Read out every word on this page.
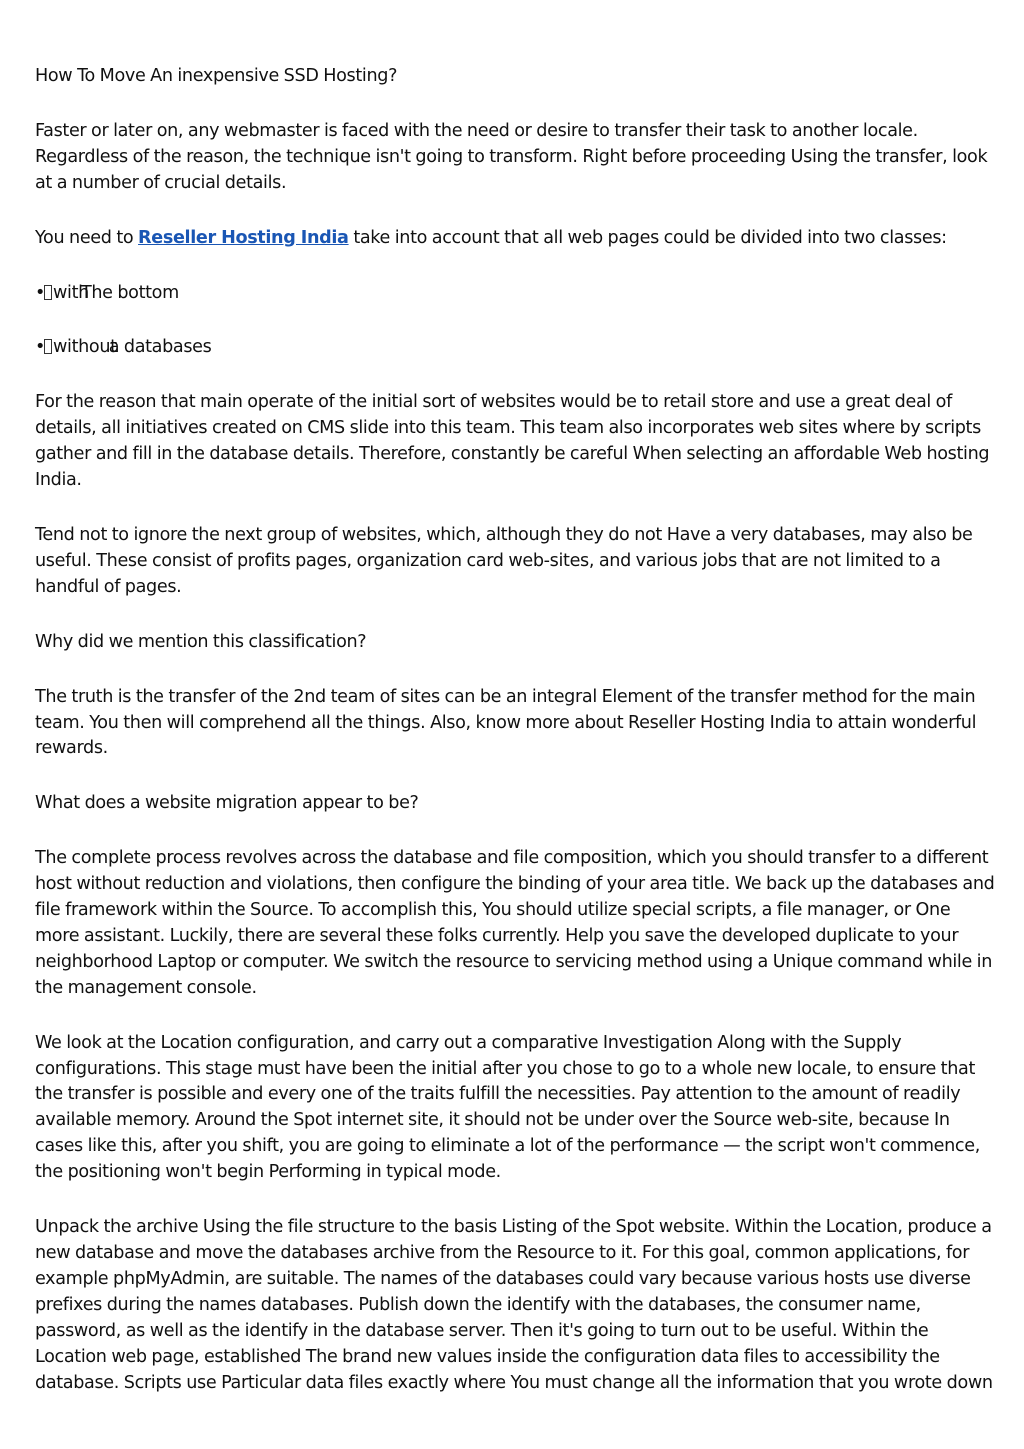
How To Move An inexpensive SSD Hosting?

Faster or later on, any webmaster is faced with the need or desire to transfer their task to another locale. Regardless of the reason, the technique isn't going to transform. Right before proceeding Using the transfer, look at a number of crucial details.

You need to Reseller Hosting India take into account that all web pages could be divided into two classes:

• withThe bottom

• withouta databases

For the reason that main operate of the initial sort of websites would be to retail store and use a great deal of details, all initiatives created on CMS slide into this team. This team also incorporates web sites where by scripts gather and fill in the database details. Therefore, constantly be careful When selecting an affordable Web hosting India.

Tend not to ignore the next group of websites, which, although they do not Have a very databases, may also be useful. These consist of profits pages, organization card web-sites, and various jobs that are not limited to a handful of pages.

Why did we mention this classification?

The truth is the transfer of the 2nd team of sites can be an integral Element of the transfer method for the main team. You then will comprehend all the things. Also, know more about Reseller Hosting India to attain wonderful rewards.

What does a website migration appear to be?

The complete process revolves across the database and file composition, which you should transfer to a different host without reduction and violations, then configure the binding of your area title. We back up the databases and file framework within the Source. To accomplish this, You should utilize special scripts, a file manager, or One more assistant. Luckily, there are several these folks currently. Help you save the developed duplicate to your neighborhood Laptop or computer. We switch the resource to servicing method using a Unique command while in the management console.

We look at the Location configuration, and carry out a comparative Investigation Along with the Supply configurations. This stage must have been the initial after you chose to go to a whole new locale, to ensure that the transfer is possible and every one of the traits fulfill the necessities. Pay attention to the amount of readily available memory. Around the Spot internet site, it should not be under over the Source web-site, because In cases like this, after you shift, you are going to eliminate a lot of the performance — the script won't commence, the positioning won't begin Performing in typical mode.

Unpack the archive Using the file structure to the basis Listing of the Spot website. Within the Location, produce a new database and move the databases archive from the Resource to it. For this goal, common applications, for example phpMyAdmin, are suitable. The names of the databases could vary because various hosts use diverse prefixes during the names databases. Publish down the identify with the databases, the consumer name, password, as well as the identify in the database server. Then it's going to turn out to be useful. Within the Location web page, established The brand new values inside the configuration data files to accessibility the database. Scripts use Particular data files exactly where You must change all the information that you wrote down
